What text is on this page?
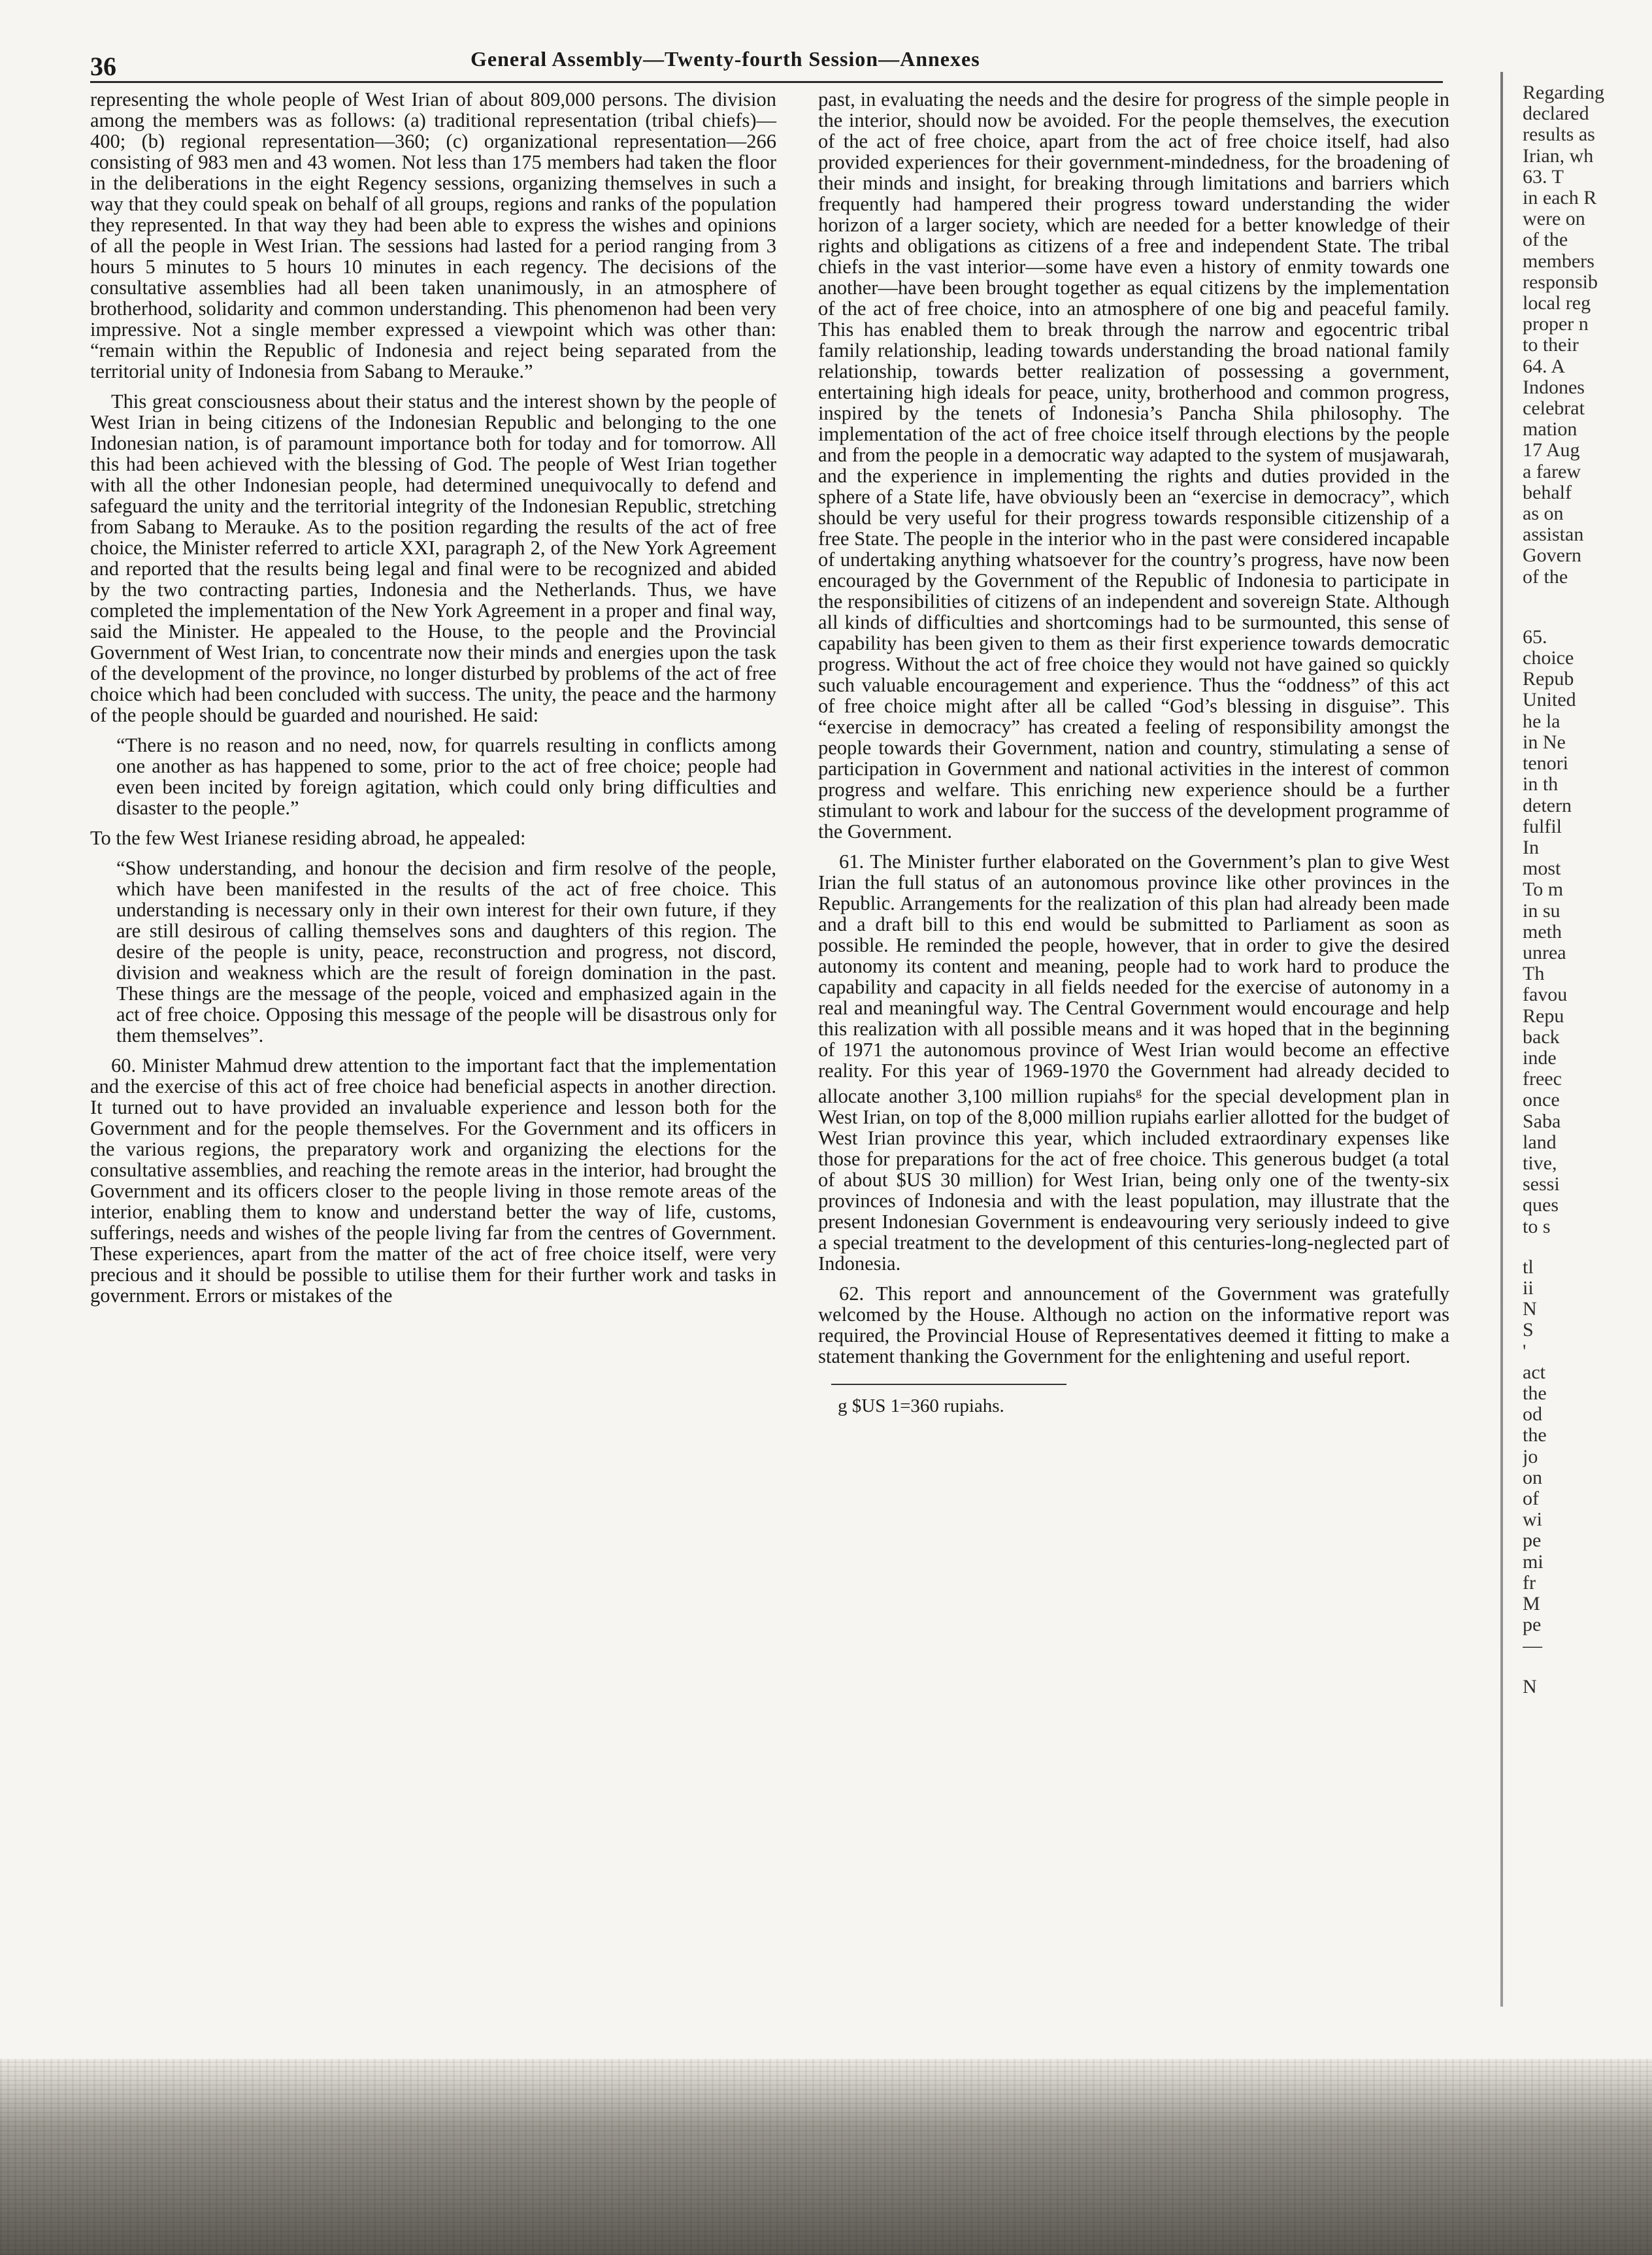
36	General Assembly—Twenty-fourth Session—Annexes

representing the whole people of West Irian of about 809,000 persons. The division among the members was as follows: (a) traditional representation (tribal chiefs)—400; (b) regional representation—360; (c) organizational representation—266 consisting of 983 men and 43 women. Not less than 175 members had taken the floor in the deliberations in the eight Regency sessions, organizing themselves in such a way that they could speak on behalf of all groups, regions and ranks of the population they represented. In that way they had been able to express the wishes and opinions of all the people in West Irian. The sessions had lasted for a period ranging from 3 hours 5 minutes to 5 hours 10 minutes in each regency. The decisions of the consultative assemblies had all been taken unanimously, in an atmosphere of brotherhood, solidarity and common understanding. This phenomenon had been very impressive. Not a single member expressed a viewpoint which was other than: “remain within the Republic of Indonesia and reject being separated from the territorial unity of Indonesia from Sabang to Merauke.”

This great consciousness about their status and the interest shown by the people of West Irian in being citizens of the Indonesian Republic and belonging to the one Indonesian nation, is of paramount importance both for today and for tomorrow. All this had been achieved with the blessing of God. The people of West Irian together with all the other Indonesian people, had determined unequivocally to defend and safeguard the unity and the territorial integrity of the Indonesian Republic, stretching from Sabang to Merauke. As to the position regarding the results of the act of free choice, the Minister referred to article XXI, paragraph 2, of the New York Agreement and reported that the results being legal and final were to be recognized and abided by the two contracting parties, Indonesia and the Netherlands. Thus, we have completed the implementation of the New York Agreement in a proper and final way, said the Minister. He appealed to the House, to the people and the Provincial Government of West Irian, to concentrate now their minds and energies upon the task of the development of the province, no longer disturbed by problems of the act of free choice which had been concluded with success. The unity, the peace and the harmony of the people should be guarded and nourished. He said:

“There is no reason and no need, now, for quarrels resulting in conflicts among one another as has happened to some, prior to the act of free choice; people had even been incited by foreign agitation, which could only bring difficulties and disaster to the people.”

To the few West Irianese residing abroad, he appealed:

“Show understanding, and honour the decision and firm resolve of the people, which have been manifested in the results of the act of free choice. This understanding is necessary only in their own interest for their own future, if they are still desirous of calling themselves sons and daughters of this region. The desire of the people is unity, peace, reconstruction and progress, not discord, division and weakness which are the result of foreign domination in the past. These things are the message of the people, voiced and emphasized again in the act of free choice. Opposing this message of the people will be disastrous only for them themselves”.

60. Minister Mahmud drew attention to the important fact that the implementation and the exercise of this act of free choice had beneficial aspects in another direction. It turned out to have provided an invaluable experience and lesson both for the Government and for the people themselves. For the Government and its officers in the various regions, the preparatory work and organizing the elections for the consultative assemblies, and reaching the remote areas in the interior, had brought the Government and its officers closer to the people living in those remote areas of the interior, enabling them to know and understand better the way of life, customs, sufferings, needs and wishes of the people living far from the centres of Government. These experiences, apart from the matter of the act of free choice itself, were very precious and it should be possible to utilise them for their further work and tasks in government. Errors or mistakes of the

past, in evaluating the needs and the desire for progress of the simple people in the interior, should now be avoided. For the people themselves, the execution of the act of free choice, apart from the act of free choice itself, had also provided experiences for their government-mindedness, for the broadening of their minds and insight, for breaking through limitations and barriers which frequently had hampered their progress toward understanding the wider horizon of a larger society, which are needed for a better knowledge of their rights and obligations as citizens of a free and independent State. The tribal chiefs in the vast interior—some have even a history of enmity towards one another—have been brought together as equal citizens by the implementation of the act of free choice, into an atmosphere of one big and peaceful family. This has enabled them to break through the narrow and egocentric tribal family relationship, leading towards understanding the broad national family relationship, towards better realization of possessing a government, entertaining high ideals for peace, unity, brotherhood and common progress, inspired by the tenets of Indonesia’s Pancha Shila philosophy. The implementation of the act of free choice itself through elections by the people and from the people in a democratic way adapted to the system of musjawarah, and the experience in implementing the rights and duties provided in the sphere of a State life, have obviously been an “exercise in democracy”, which should be very useful for their progress towards responsible citizenship of a free State. The people in the interior who in the past were considered incapable of undertaking anything whatsoever for the country’s progress, have now been encouraged by the Government of the Republic of Indonesia to participate in the responsibilities of citizens of an independent and sovereign State. Although all kinds of difficulties and shortcomings had to be surmounted, this sense of capability has been given to them as their first experience towards democratic progress. Without the act of free choice they would not have gained so quickly such valuable encouragement and experience. Thus the “oddness” of this act of free choice might after all be called “God’s blessing in disguise”. This “exercise in democracy” has created a feeling of responsibility amongst the people towards their Government, nation and country, stimulating a sense of participation in Government and national activities in the interest of common progress and welfare. This enriching new experience should be a further stimulant to work and labour for the success of the development programme of the Government.

61. The Minister further elaborated on the Government’s plan to give West Irian the full status of an autonomous province like other provinces in the Republic. Arrangements for the realization of this plan had already been made and a draft bill to this end would be submitted to Parliament as soon as possible. He reminded the people, however, that in order to give the desired autonomy its content and meaning, people had to work hard to produce the capability and capacity in all fields needed for the exercise of autonomy in a real and meaningful way. The Central Government would encourage and help this realization with all possible means and it was hoped that in the beginning of 1971 the autonomous province of West Irian would become an effective reality. For this year of 1969-1970 the Government had already decided to allocate another 3,100 million rupiahs$^g$ for the special development plan in West Irian, on top of the 8,000 million rupiahs earlier allotted for the budget of West Irian province this year, which included extraordinary expenses like those for preparations for the act of free choice. This generous budget (a total of about $US 30 million) for West Irian, being only one of the twenty-six provinces of Indonesia and with the least population, may illustrate that the present Indonesian Government is endeavouring very seriously indeed to give a special treatment to the development of this centuries-long-neglected part of Indonesia.

62. This report and announcement of the Government was gratefully welcomed by the House. Although no action on the informative report was required, the Provincial House of Representatives deemed it fitting to make a statement thanking the Government for the enlightening and useful report.

g $US 1=360 rupiahs.
Regarding
declared
results as
Irian, wh
63. T
in each R
were on
of the
members
responsib
local reg
proper n
to their
64. A
Indones
celebrat
mation
17 Aug
a farew
behalf
as on
assistan
Govern
of the
65.
choice
Repub
United
he la
in Ne
tenori
in th
detern
fulfil
In
most
To m
in su
meth
unrea
Th
favou
Repu
back
inde
freec
once
Saba
land
tive,
sessi
ques
to s
tl
ii
N
S
'
act
the
od
the
jo
on
of
wi
pe
mi
fr
M
pe
—
N
